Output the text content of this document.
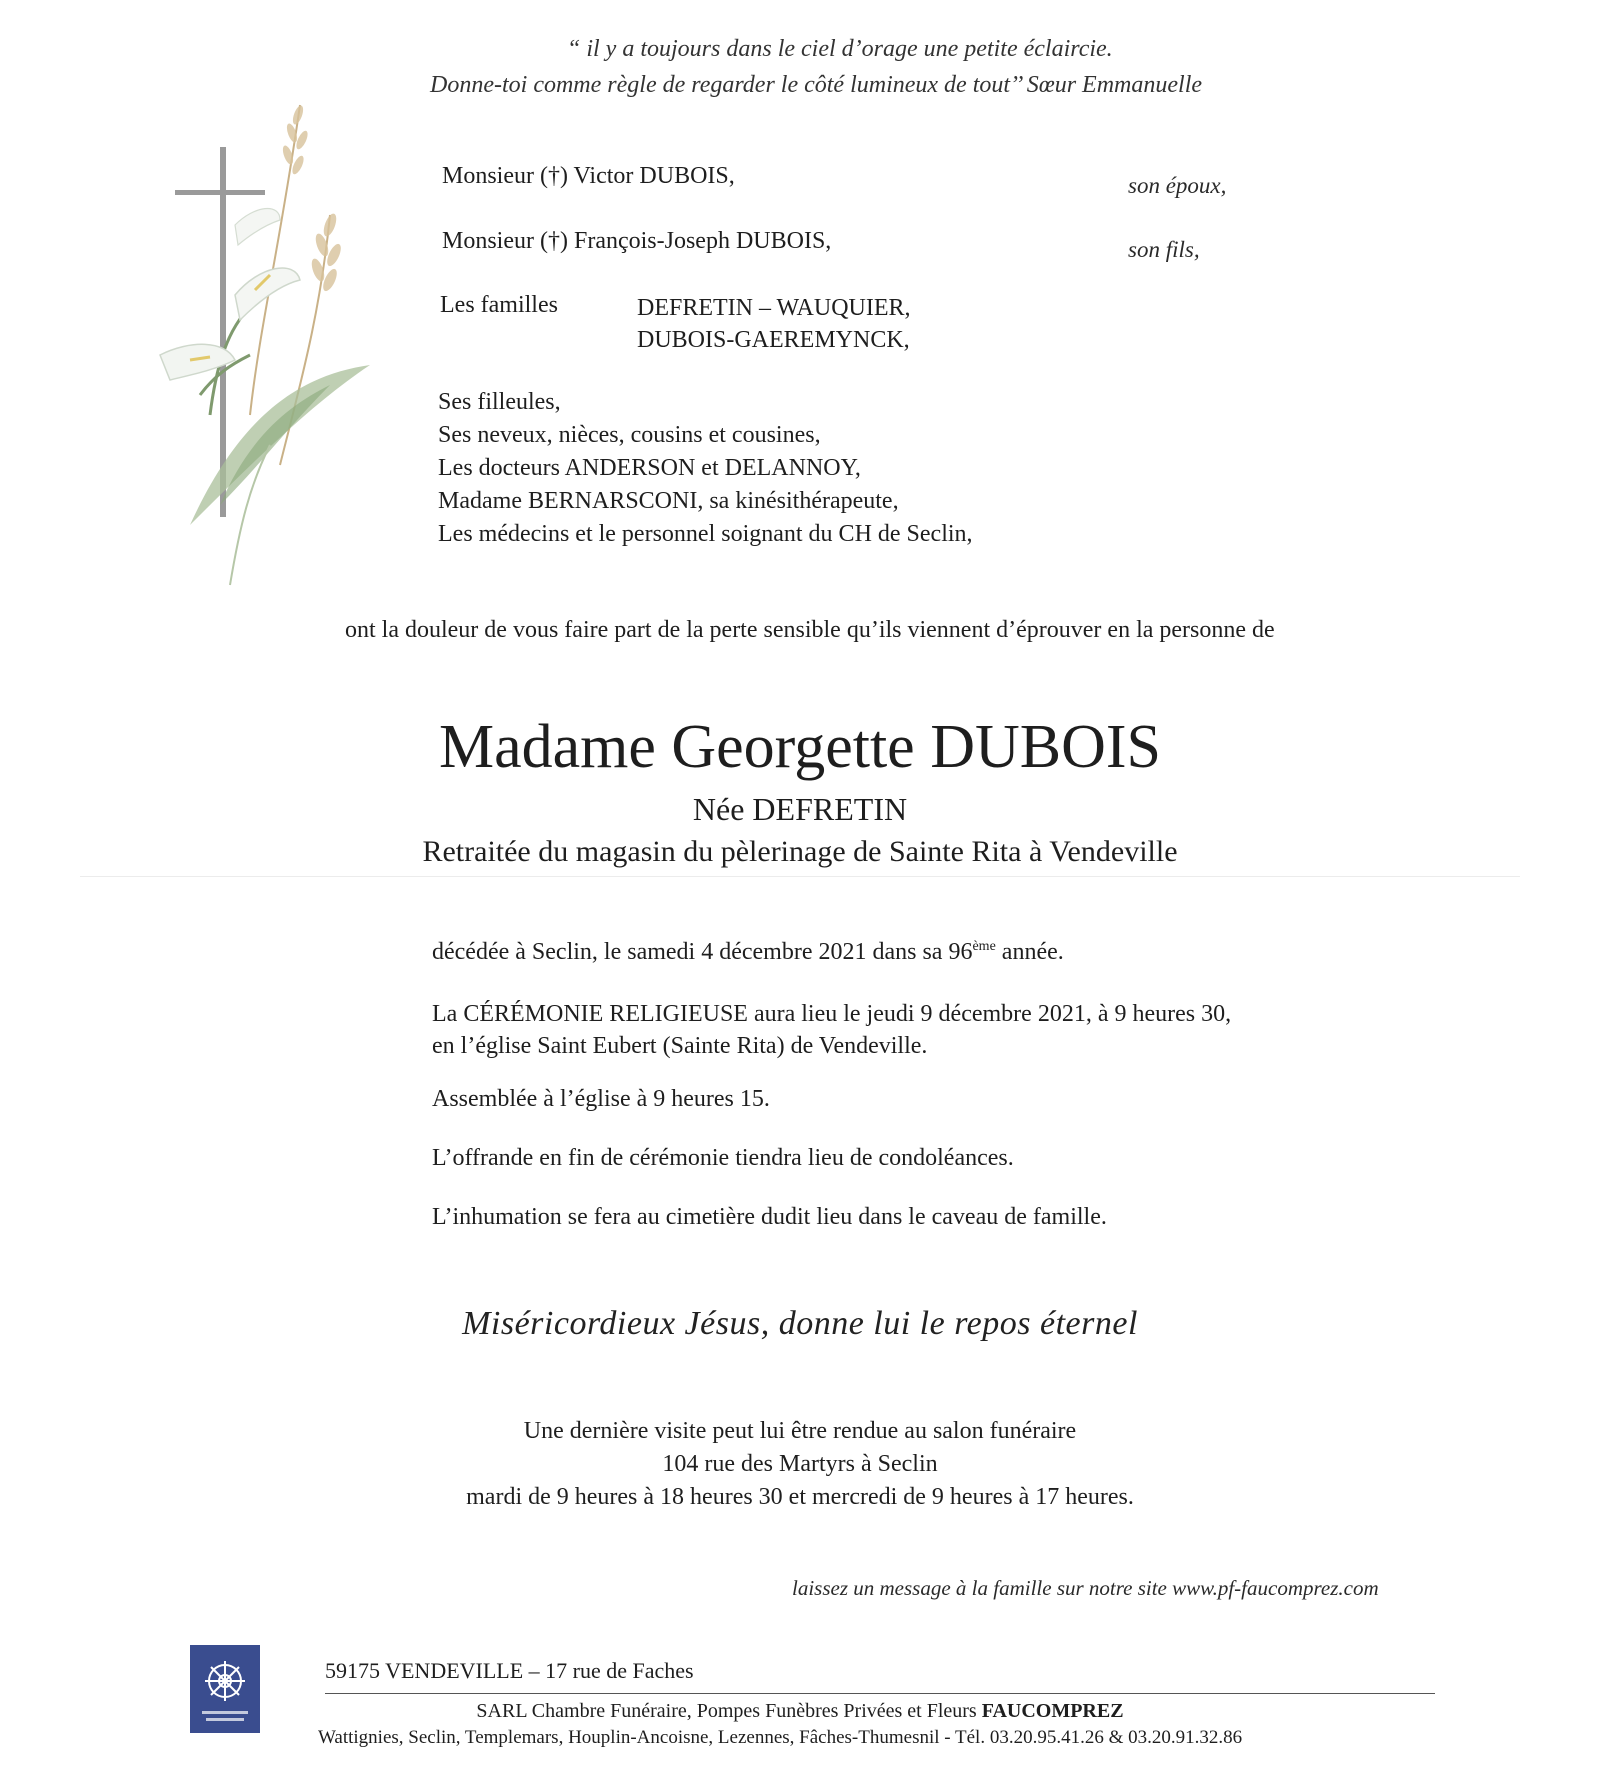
“ il y a toujours dans le ciel d’orage une petite éclaircie.
Donne-toi comme règle de regarder le côté lumineux de tout’’ Sœur Emmanuelle
Monsieur (†) Victor DUBOIS,	son époux,
Monsieur (†) François-Joseph DUBOIS,	son fils,
Les familles	DEFRETIN – WAUQUIER,
DUBOIS-GAEREMYNCK,
Ses filleules,
Ses neveux, nièces, cousins et cousines,
Les docteurs ANDERSON et DELANNOY,
Madame BERNARSCONI, sa kinésithérapeute,
Les médecins et le personnel soignant du CH de Seclin,
ont la douleur de vous faire part de la perte sensible qu’ils viennent d’éprouver en la personne de
Madame Georgette DUBOIS
Née DEFRETIN
Retraitée du magasin du pèlerinage de Sainte Rita à Vendeville
décédée à Seclin, le samedi 4 décembre 2021 dans sa 96ème année.
La CÉRÉMONIE RELIGIEUSE aura lieu le jeudi 9 décembre 2021, à 9 heures 30,
en l’église Saint Eubert (Sainte Rita) de Vendeville.
Assemblée à l’église à 9 heures 15.
L’offrande en fin de cérémonie tiendra lieu de condoléances.
L’inhumation se fera au cimetière dudit lieu dans le caveau de famille.
Miséricordieux Jésus, donne lui le repos éternel
Une dernière visite peut lui être rendue au salon funéraire
104 rue des Martyrs à Seclin
mardi de 9 heures à 18 heures 30 et mercredi de 9 heures à 17 heures.
laissez un message à la famille sur notre site www.pf-faucomprez.com
59175 VENDEVILLE – 17 rue de Faches
SARL Chambre Funéraire, Pompes Funèbres Privées et Fleurs FAUCOMPREZ
Wattignies, Seclin, Templemars, Houplin-Ancoisne, Lezennes, Fâches-Thumesnil - Tél. 03.20.95.41.26 & 03.20.91.32.86
